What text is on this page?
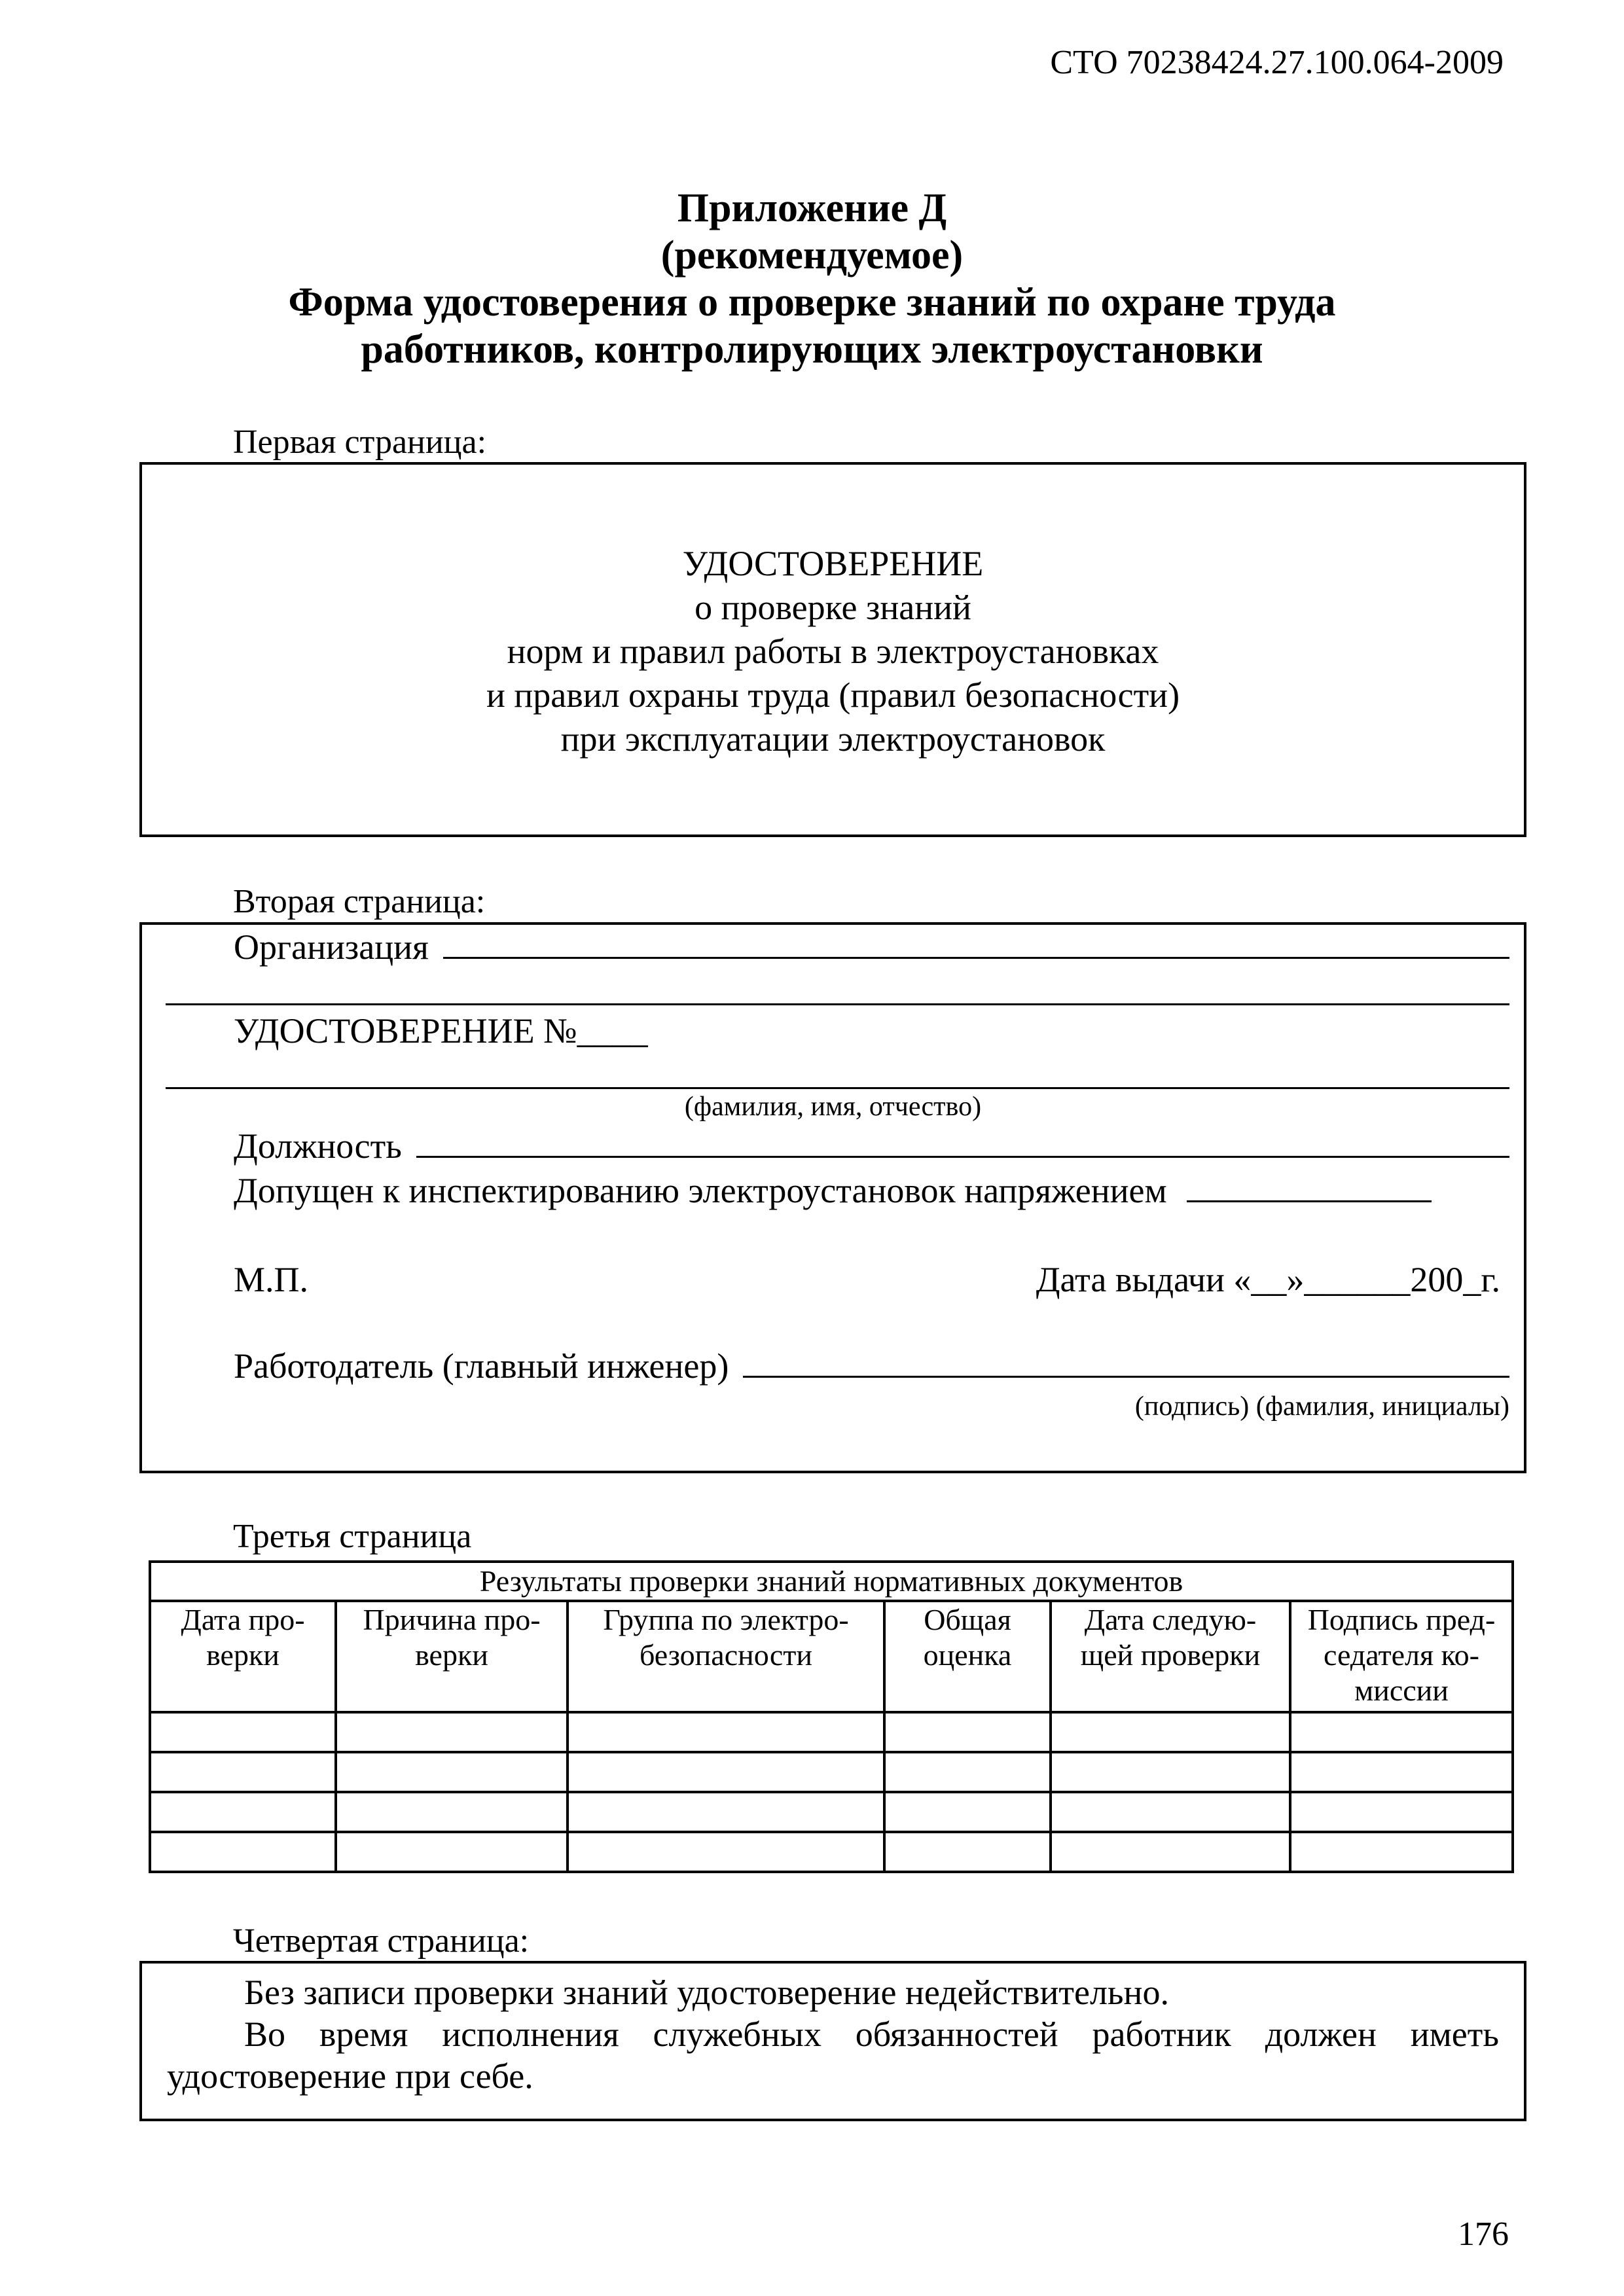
СТО 70238424.27.100.064-2009
Приложение Д
(рекомендуемое)
Форма удостоверения о проверке знаний по охране труда
работников, контролирующих электроустановки
Первая страница:
УДОСТОВЕРЕНИЕ
о проверке знаний
норм и правил работы в электроустановках
и правил охраны труда (правил безопасности)
при эксплуатации электроустановок
Вторая страница:
Организация
УДОСТОВЕРЕНИЕ №____
(фамилия, имя, отчество)
Должность
Допущен к инспектированию электроустановок напряжением
М.П.	Дата выдачи «__»______200_г.
Работодатель (главный инженер)
(подпись) (фамилия, инициалы)
Третья страница
Результаты проверки знаний нормативных документов					
Дата про- верки	Причина про- верки	Группа по электро- безопасности	Общая оценка	Дата следую- щей проверки	Подпись пред- седателя ко- миссии

Четвертая страница:

Без записи проверки знаний удостоверение недействительно.

Во время исполнения служебных обязанностей работник должен иметь удостоверение при себе.

176
